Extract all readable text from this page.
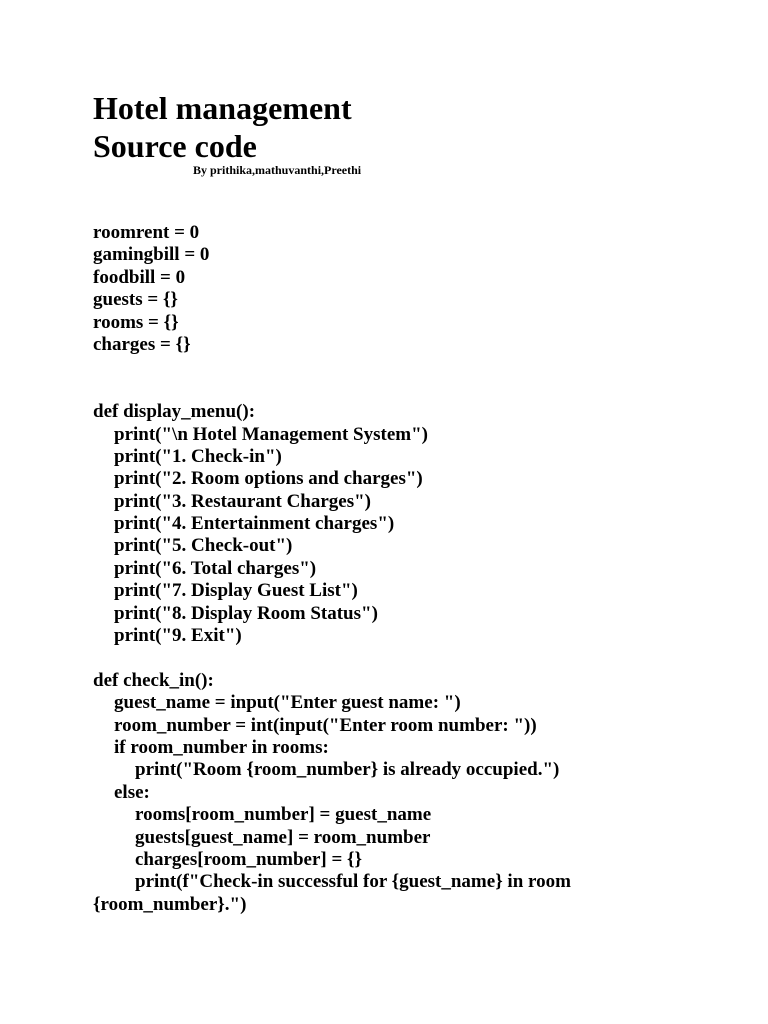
Hotel management
Source code

By prithika,mathuvanthi,Preethi

roomrent = 0
gamingbill = 0
foodbill = 0
guests = {}
rooms = {}
charges = {}
def display_menu():
print("\n Hotel Management System")
print("1. Check-in")
print("2. Room options and charges")
print("3. Restaurant Charges")
print("4. Entertainment charges")
print("5. Check-out")
print("6. Total charges")
print("7. Display Guest List")
print("8. Display Room Status")
print("9. Exit")
def check_in():
guest_name = input("Enter guest name: ")
room_number = int(input("Enter room number: "))
if room_number in rooms:
print("Room {room_number} is already occupied.")
else:
rooms[room_number] = guest_name
guests[guest_name] = room_number
charges[room_number] = {}
print(f"Check-in successful for {guest_name} in room
{room_number}.")
